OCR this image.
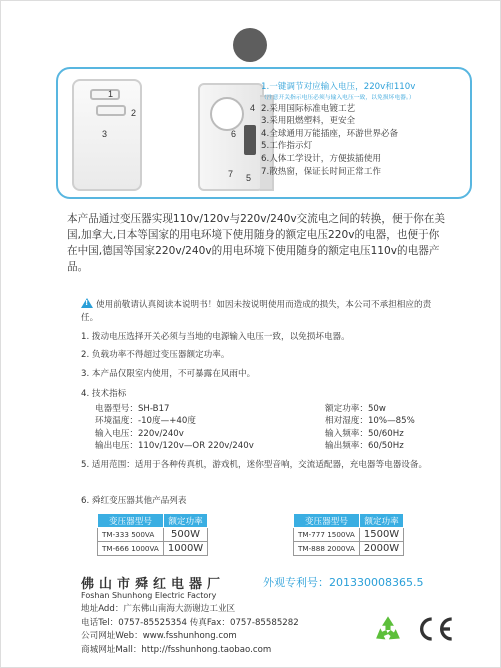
1
2
3
4
5
6
7
1.一键调节对应输入电压，220v和110v
（注意开关指示电压必须与输入电压一致，以免损坏电器。）
2.采用国际标准电镀工艺
3.采用阻燃塑料，更安全
4.全球通用万能插座，环游世界必备
5.工作指示灯
6.人体工学设计，方便拔插使用
7.散热窗，保证长时间正常工作
本产品通过变压器实现110v/120v与220v/240v交流电之间的转换，便于你在美国,加拿大,日本等国家的用电环境下使用随身的额定电压220v的电器，也便于你在中国,德国等国家220v/240v的用电环境下使用随身的额定电压110v的电器产品。
! 使用前敬请认真阅读本说明书！如因未按说明使用而造成的损失，本公司不承担相应的责任。
1. 拨动电压选择开关必须与当地的电源输入电压一致，以免损坏电器。
2. 负载功率不得超过变压器额定功率。
3. 本产品仅限室内使用，不可暴露在风雨中。
4. 技术指标
电器型号：SH-B17	额定功率：50w
环境温度：-10度—+40度	相对湿度：10%—85%
输入电压：220v/240v	输入频率：50/60Hz
输出电压：110v/120v—OR 220v/240v	输出频率：60/50Hz
5. 适用范围：适用于各种传真机，游戏机，迷你型音响，交流适配器，充电器等电器设备。
6. 舜红变压器其他产品列表
变压器型号	额定功率
TM-333 500VA	500W
TM-666 1000VA	1000W
变压器型号	额定功率
TM-777 1500VA	1500W
TM-888 2000VA	2000W
佛山市舜红电器厂	外观专利号：201330008365.5
Foshan Shunhong Electric Factory
地址Add：广东佛山南海大沥谢边工业区
电话Tel：0757-85525354 传真Fax：0757-85585282
公司网址Web：www.fsshunhong.com
商城网址Mall：http://fsshunhong.taobao.com
